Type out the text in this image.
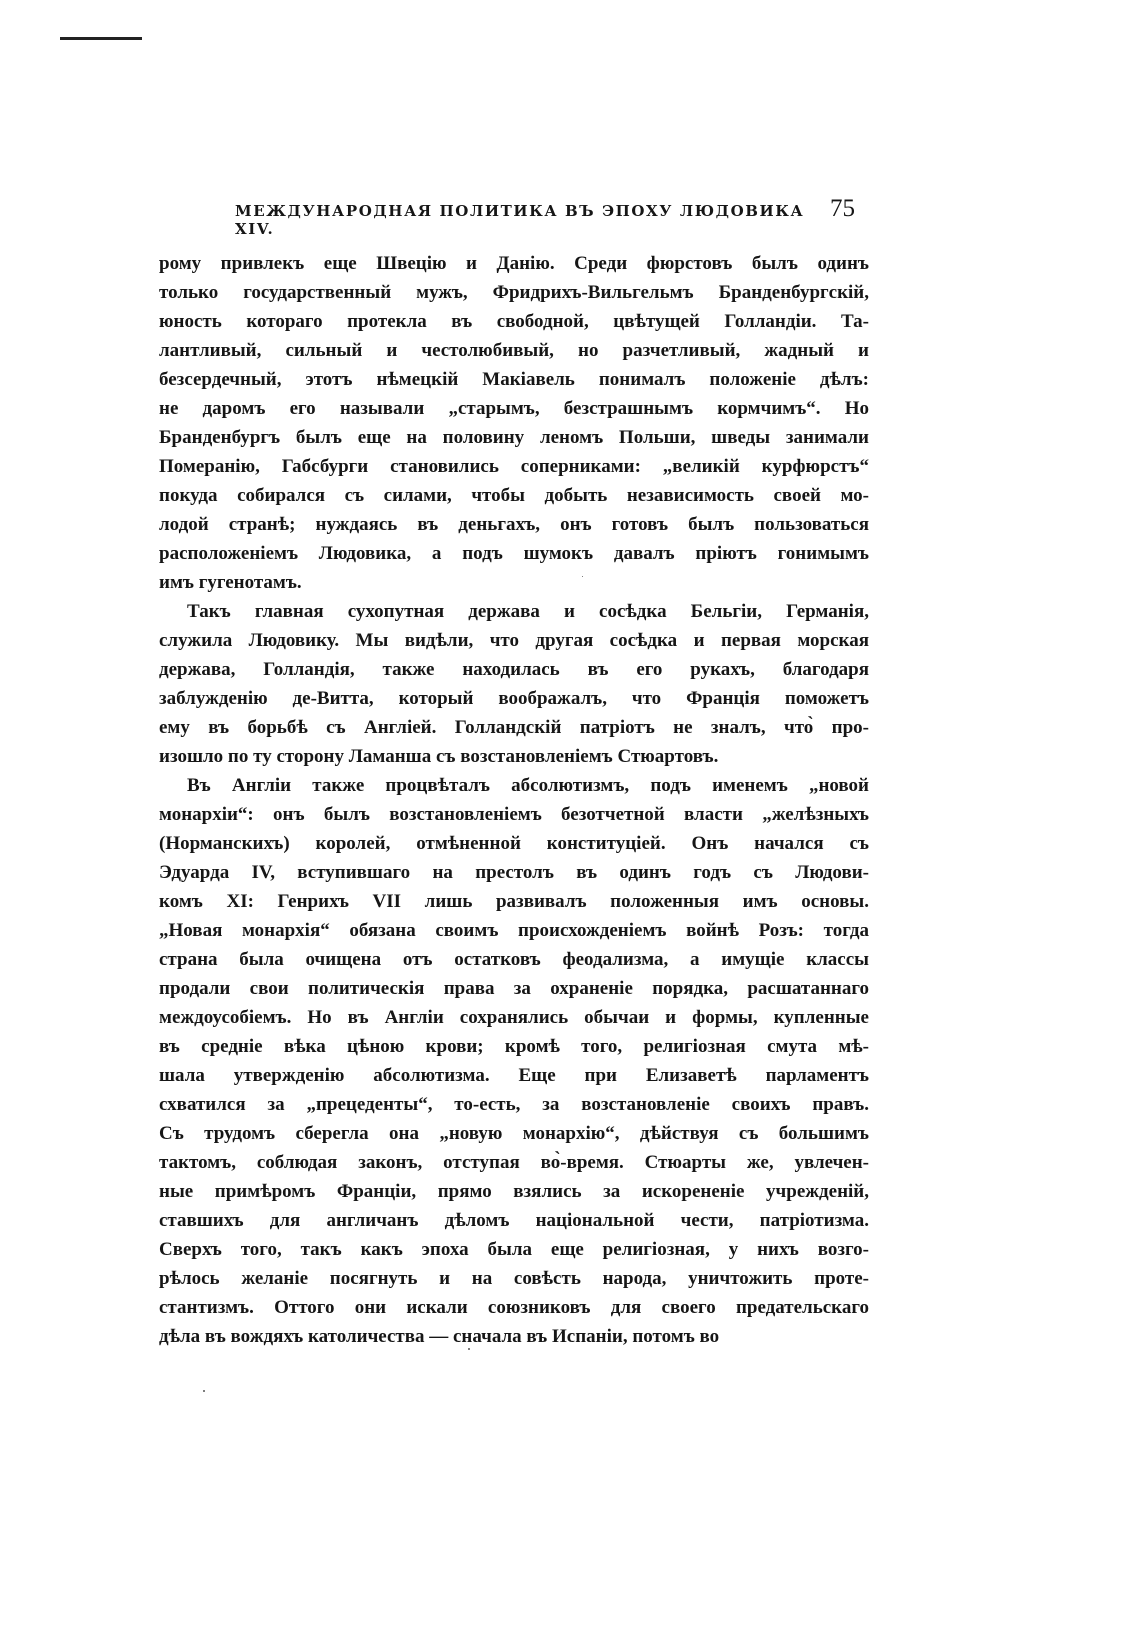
МЕЖДУНАРОДНАЯ ПОЛИТИКА ВЪ ЭПОХУ ЛЮДОВИКА XIV.
75
рому привлекъ еще Швецію и Данію. Среди фюрстовъ былъ одинъ
только государственный мужъ, Фридрихъ-Вильгельмъ Бранденбургскій,
юность котораго протекла въ свободной, цвѣтущей Голландіи. Та-
лантливый, сильный и честолюбивый, но разчетливый, жадный и
безсердечный, этотъ нѣмецкій Макіавель понималъ положеніе дѣлъ:
не даромъ его называли „старымъ, безстрашнымъ кормчимъ“. Но
Бранденбургъ былъ еще на половину леномъ Польши, шведы занимали
Померанію, Габсбурги становились соперниками: „великій курфюрстъ“
покуда собирался съ силами, чтобы добыть независимость своей мо-
лодой странѣ; нуждаясь въ деньгахъ, онъ готовъ былъ пользоваться
расположеніемъ Людовика, а подъ шумокъ давалъ пріютъ гонимымъ
имъ гугенотамъ.
Такъ главная сухопутная держава и сосѣдка Бельгіи, Германія,
служила Людовику. Мы видѣли, что другая сосѣдка и первая морская
держава, Голландія, также находилась въ его рукахъ, благодаря
заблужденію де-Витта, который воображалъ, что Франція поможетъ
ему въ борьбѣ съ Англіей. Голландскій патріотъ не зналъ, что̀ про-
изошло по ту сторону Ламанша съ возстановленіемъ Стюартовъ.
Въ Англіи также процвѣталъ абсолютизмъ, подъ именемъ „новой
монархіи“: онъ былъ возстановленіемъ безотчетной власти „желѣзныхъ
(Норманскихъ) королей, отмѣненной конституціей. Онъ начался съ
Эдуарда IV, вступившаго на престолъ въ одинъ годъ съ Людови-
комъ XI: Генрихъ VII лишь развивалъ положенныя имъ основы.
„Новая монархія“ обязана своимъ происхожденіемъ войнѣ Розъ: тогда
страна была очищена отъ остатковъ феодализма, а имущіе классы
продали свои политическія права за охраненіе порядка, расшатаннаго
междоусобіемъ. Но въ Англіи сохранялись обычаи и формы, купленные
въ средніе вѣка цѣною крови; кромѣ того, религіозная смута мѣ-
шала утвержденію абсолютизма. Еще при Елизаветѣ парламентъ
схватился за „прецеденты“, то-есть, за возстановленіе своихъ правъ.
Съ трудомъ сберегла она „новую монархію“, дѣйствуя съ большимъ
тактомъ, соблюдая законъ, отступая во̀-время. Стюарты же, увлечен-
ные примѣромъ Франціи, прямо взялись за искорененіе учрежденій,
ставшихъ для англичанъ дѣломъ національной чести, патріотизма.
Сверхъ того, такъ какъ эпоха была еще религіозная, у нихъ возго-
рѣлось желаніе посягнуть и на совѣсть народа, уничтожить проте-
стантизмъ. Оттого они искали союзниковъ для своего предательскаго
дѣла въ вождяхъ католичества — сначала въ Испаніи, потомъ во
